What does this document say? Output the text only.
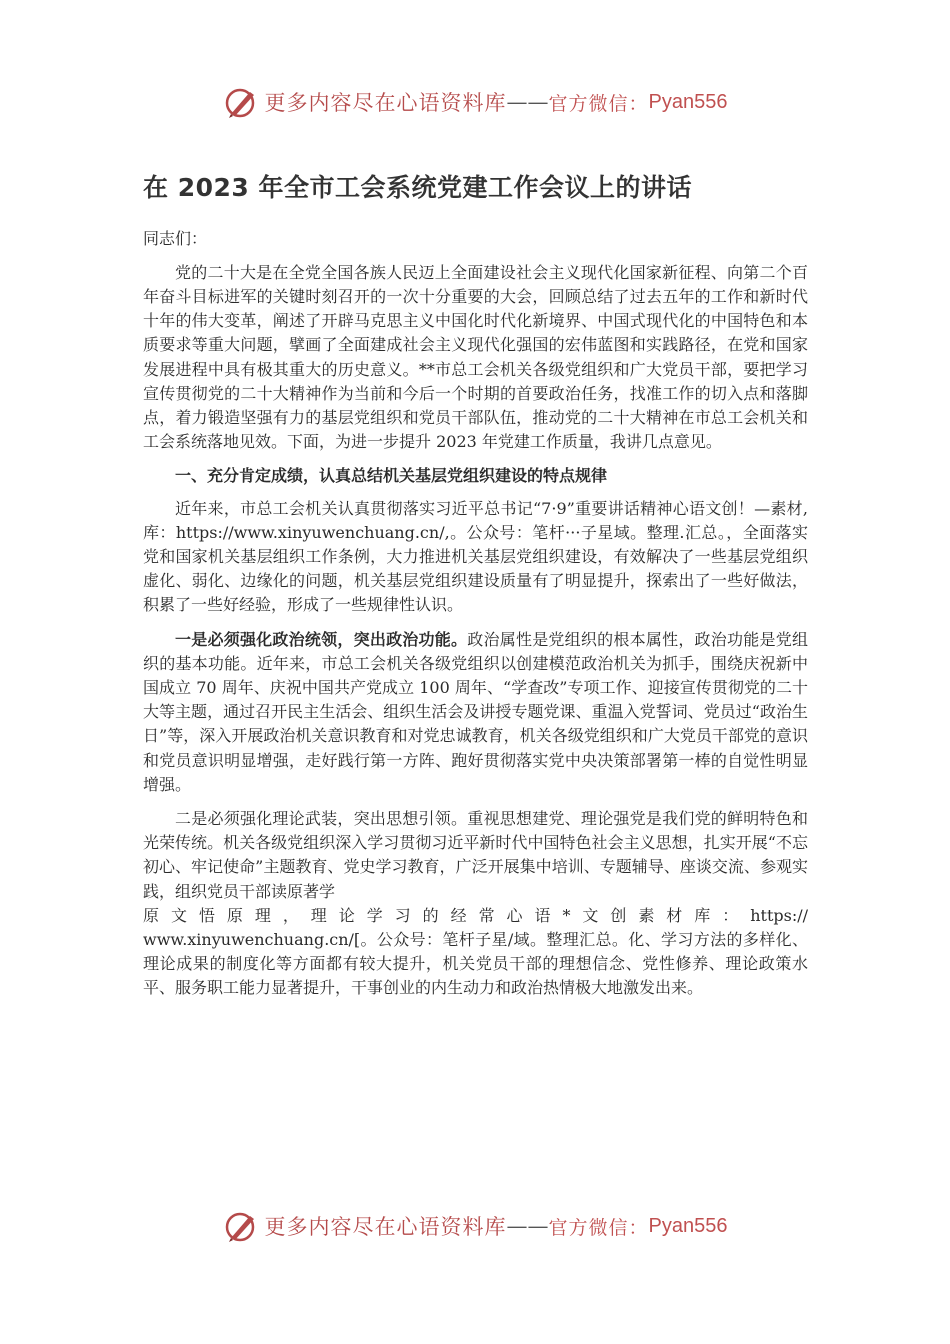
更多内容尽在心语资料库 —— 官方微信： Pyan556
在 2023 年全市工会系统党建工作会议上的讲话

同志们：

党的二十大是在全党全国各族人民迈上全面建设社会主义现代化国家新征程、向第二个百年奋斗目标进军的关键时刻召开的一次十分重要的大会，回顾总结了过去五年的工作和新时代十年的伟大变革，阐述了开辟马克思主义中国化时代化新境界、中国式现代化的中国特色和本质要求等重大问题，擘画了全面建成社会主义现代化强国的宏伟蓝图和实践路径，在党和国家发展进程中具有极其重大的历史意义。**市总工会机关各级党组织和广大党员干部，要把学习宣传贯彻党的二十大精神作为当前和今后一个时期的首要政治任务，找准工作的切入点和落脚点，着力锻造坚强有力的基层党组织和党员干部队伍，推动党的二十大精神在市总工会机关和工会系统落地见效。下面，为进一步提升 2023 年党建工作质量，我讲几点意见。

一、充分肯定成绩，认真总结机关基层党组织建设的特点规律

近年来，市总工会机关认真贯彻落实习近平总书记“7·9”重要讲话精神心语文创！—素材,库：https://www.xinyuwenchuang.cn/,。公众号：笔杆···子星域。整理.汇总。，全面落实党和国家机关基层组织工作条例，大力推进机关基层党组织建设，有效解决了一些基层党组织虚化、弱化、边缘化的问题，机关基层党组织建设质量有了明显提升，探索出了一些好做法，积累了一些好经验，形成了一些规律性认识。

一是必须强化政治统领，突出政治功能。政治属性是党组织的根本属性，政治功能是党组织的基本功能。近年来，市总工会机关各级党组织以创建模范政治机关为抓手，围绕庆祝新中国成立 70 周年、庆祝中国共产党成立 100 周年、“学查改”专项工作、迎接宣传贯彻党的二十大等主题，通过召开民主生活会、组织生活会及讲授专题党课、重温入党誓词、党员过“政治生日”等，深入开展政治机关意识教育和对党忠诚教育，机关各级党组织和广大党员干部党的意识和党员意识明显增强，走好践行第一方阵、跑好贯彻落实党中央决策部署第一棒的自觉性明显增强。

二是必须强化理论武装，突出思想引领。重视思想建党、理论强党是我们党的鲜明特色和光荣传统。机关各级党组织深入学习贯彻习近平新时代中国特色社会主义思想，扎实开展“不忘初心、牢记使命”主题教育、党史学习教育，广泛开展集中培训、专题辅导、座谈交流、参观实践，组织党员干部读原著学

原文悟原理，理论学习的经常心语*文创素材库：https://

www.xinyuwenchuang.cn/[。公众号：笔杆子星/域。整理汇总。化、学习方法的多样化、理论成果的制度化等方面都有较大提升，机关党员干部的理想信念、党性修养、理论政策水平、服务职工能力显著提升，干事创业的内生动力和政治热情极大地激发出来。

更多内容尽在心语资料库 —— 官方微信： Pyan556
